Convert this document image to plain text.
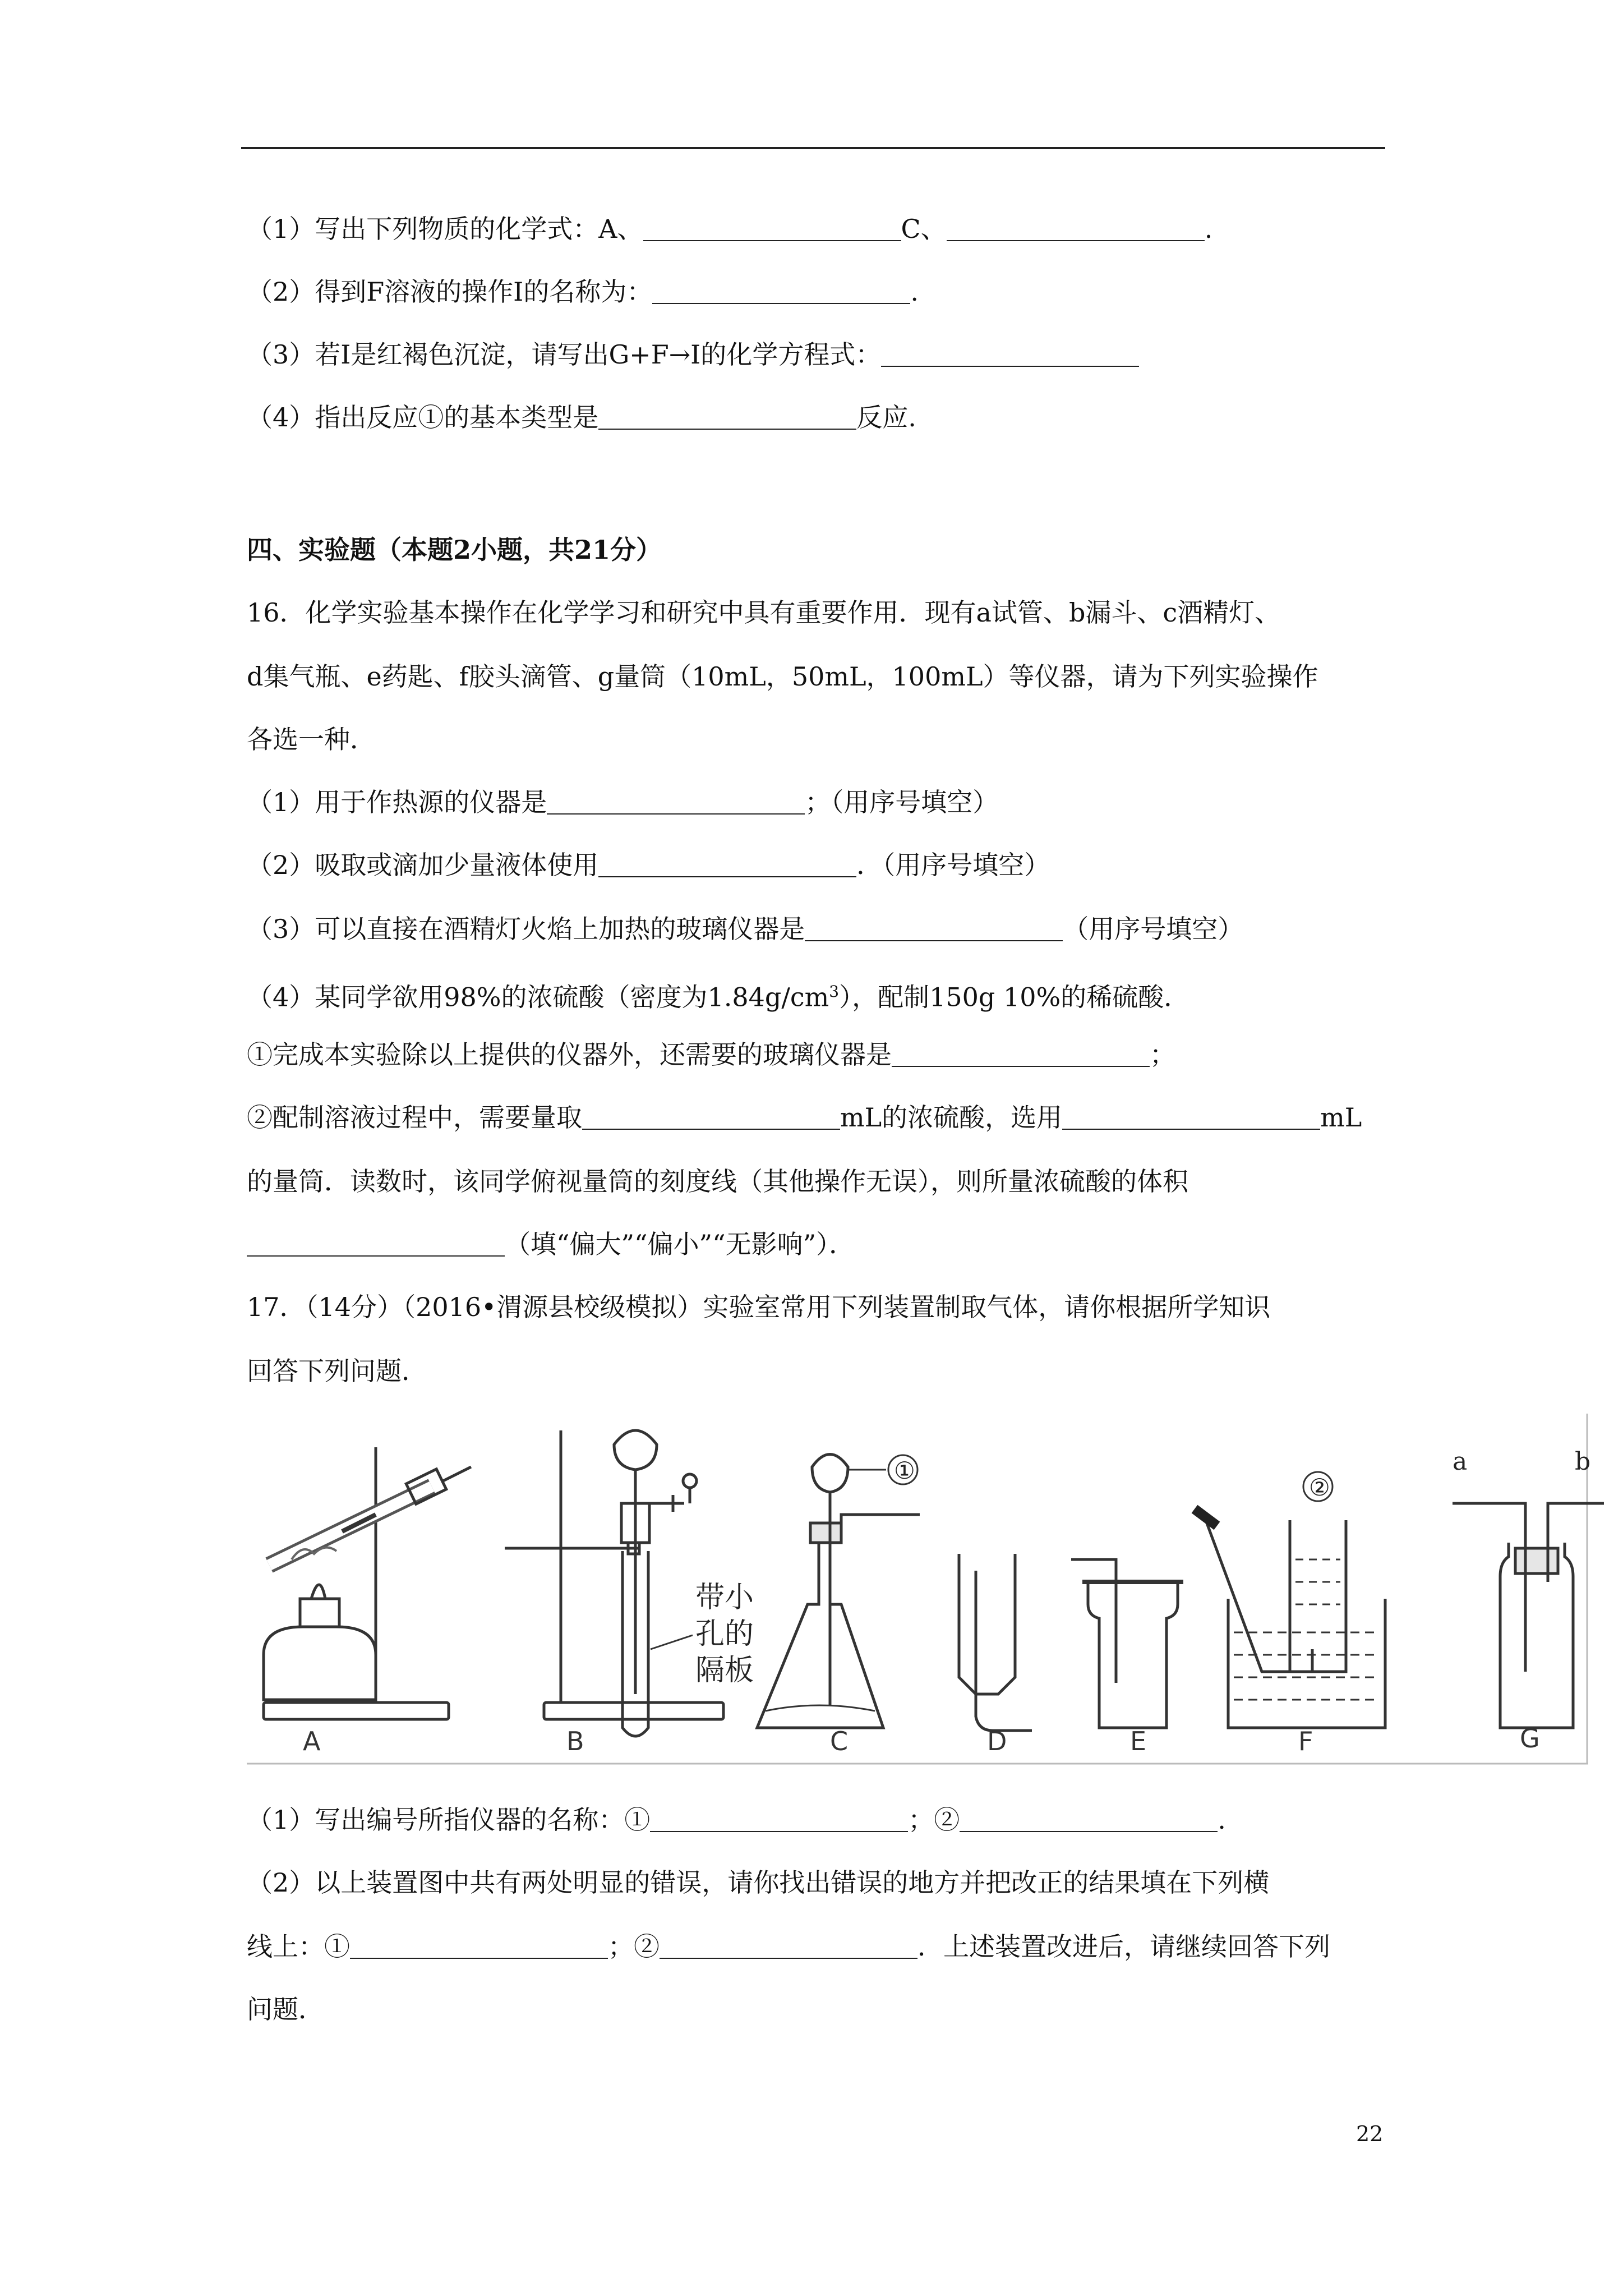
（1）写出下列物质的化学式：A、	C、	.
（2）得到F溶液的操作Ⅰ的名称为：	.
（3）若Ⅰ是红褐色沉淀，请写出G+F→Ⅰ的化学方程式：
（4）指出反应①的基本类型是	反应.
四、实验题（本题2小题，共21分）
16．化学实验基本操作在化学学习和研究中具有重要作用．现有a试管、b漏斗、c酒精灯、
d集气瓶、e药匙、f胶头滴管、g量筒（10mL，50mL，100mL）等仪器，请为下列实验操作
各选一种．
（1）用于作热源的仪器是	；（用序号填空）
（2）吸取或滴加少量液体使用	．（用序号填空）
（3）可以直接在酒精灯火焰上加热的玻璃仪器是	（用序号填空）
（4）某同学欲用98%的浓硫酸（密度为$1.84g/cm^3$），配制150g 10%的稀硫酸．
①完成本实验除以上提供的仪器外，还需要的玻璃仪器是	；
②配制溶液过程中，需要量取	mL的浓硫酸，选用	mL
的量筒．读数时，该同学俯视量筒的刻度线（其他操作无误），则所量浓硫酸的体积
（填“偏大”“偏小”“无影响”）．
17．（14分）（2016•渭源县校级模拟）实验室常用下列装置制取气体，请你根据所学知识
回答下列问题．
带小
孔的
隔板
①
②
a	b
A	B	C	D	E	F	G
（1）写出编号所指仪器的名称：①	；②	.
（2）以上装置图中共有两处明显的错误，请你找出错误的地方并把改正的结果填在下列横
线上：①	；②	．上述装置改进后，请继续回答下列
问题．
22
